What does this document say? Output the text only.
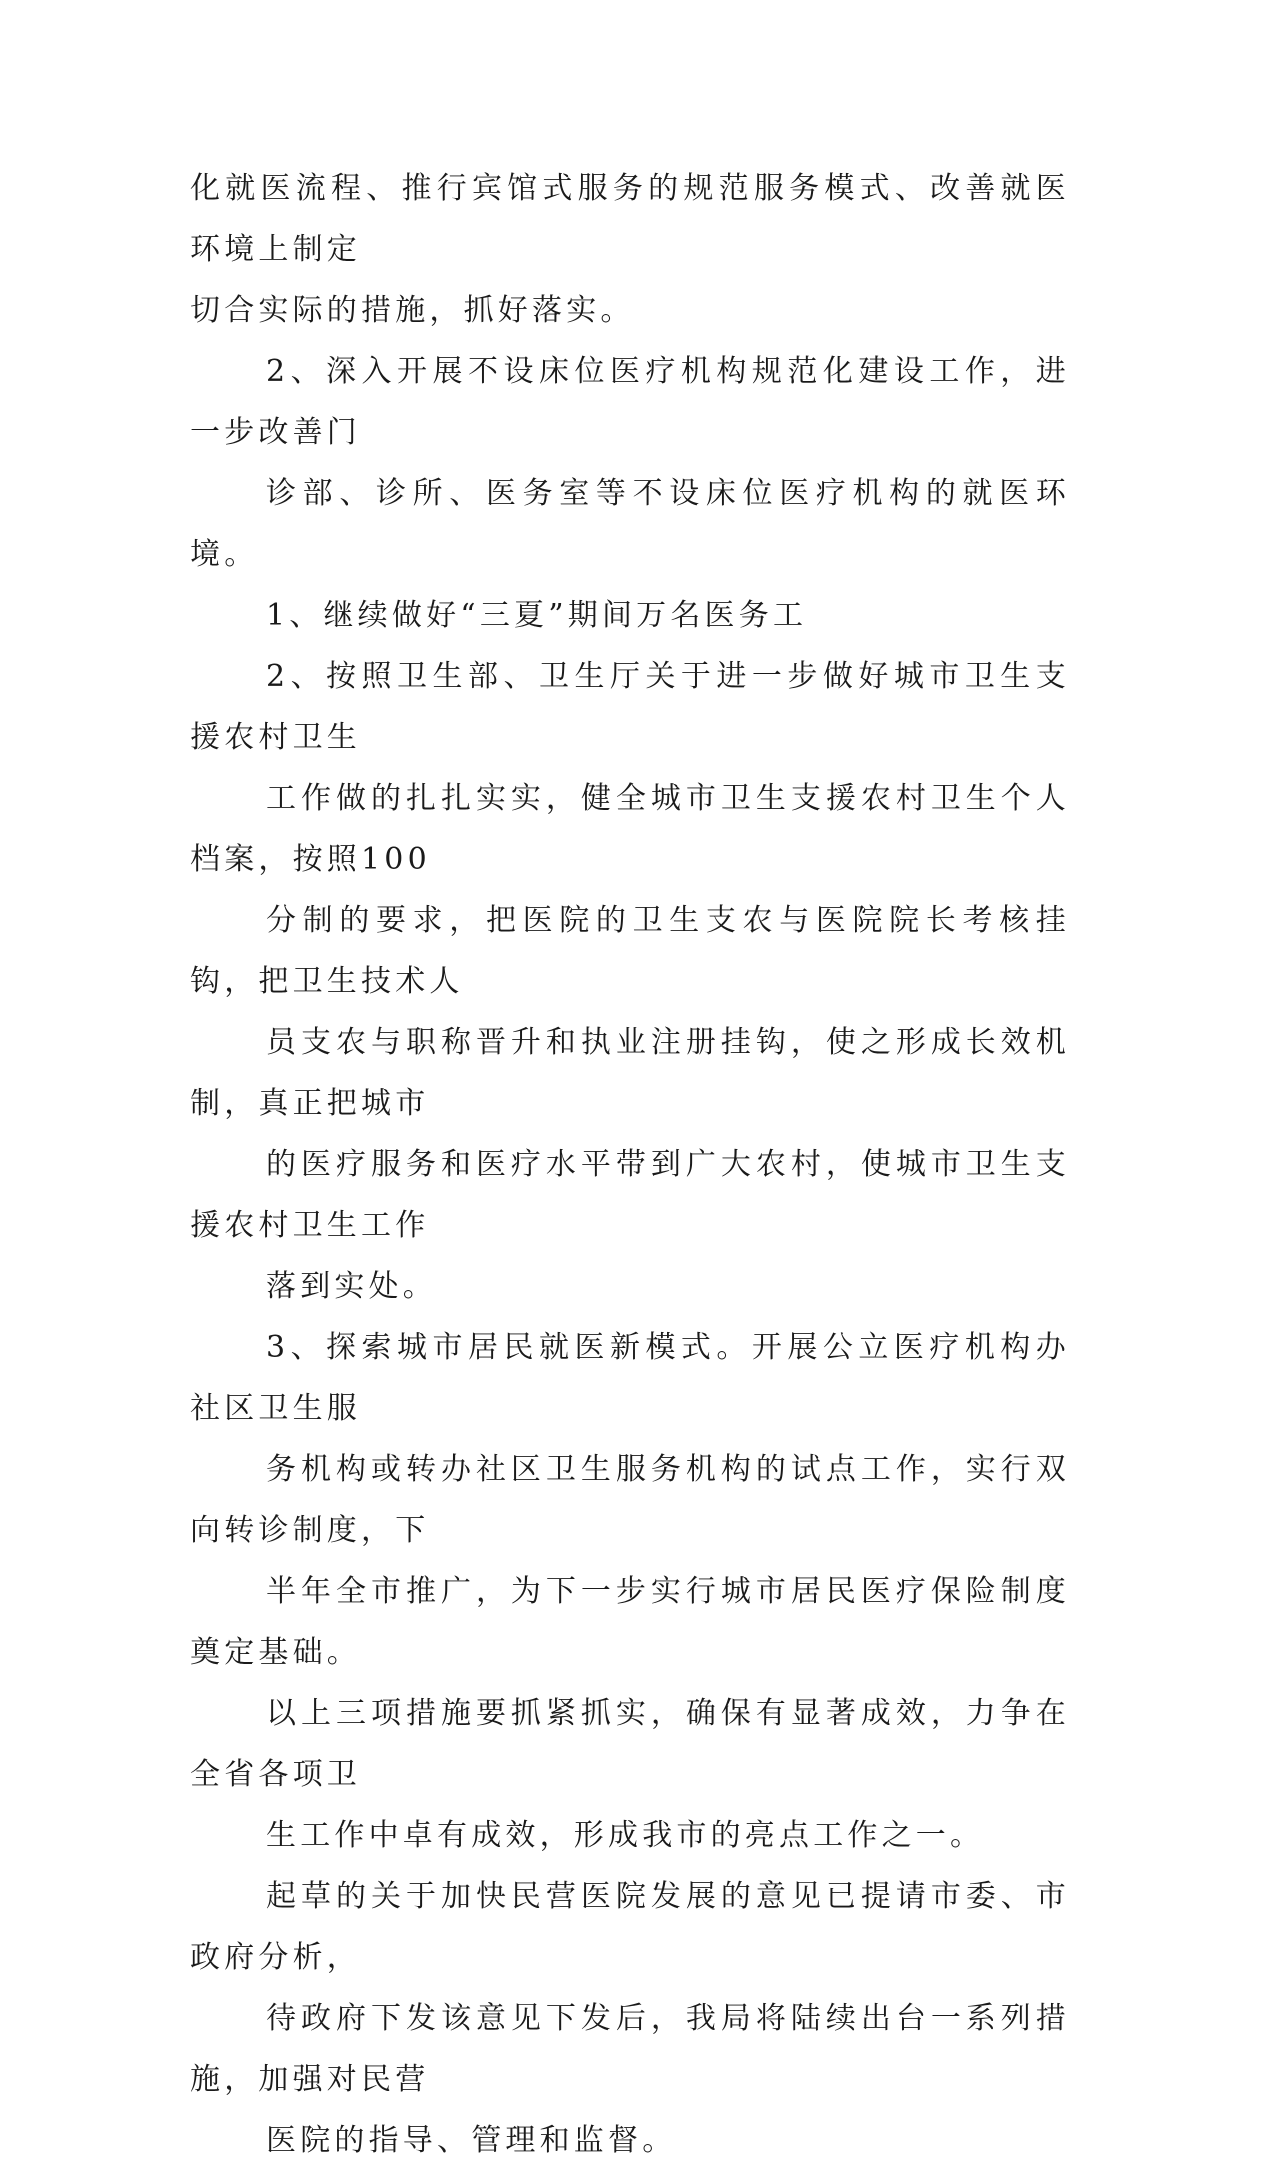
化就医流程、推行宾馆式服务的规范服务模式、改善就医环境上制定
切合实际的措施，抓好落实。

2、深入开展不设床位医疗机构规范化建设工作，进一步改善门
诊部、诊所、医务室等不设床位医疗机构的就医环境。

1、继续做好“三夏”期间万名医务工

2、按照卫生部、卫生厅关于进一步做好城市卫生支援农村卫生
工作做的扎扎实实，健全城市卫生支援农村卫生个人档案，按照100
分制的要求，把医院的卫生支农与医院院长考核挂钩，把卫生技术人
员支农与职称晋升和执业注册挂钩，使之形成长效机制，真正把城市
的医疗服务和医疗水平带到广大农村，使城市卫生支援农村卫生工作
落到实处。

3、探索城市居民就医新模式。开展公立医疗机构办社区卫生服
务机构或转办社区卫生服务机构的试点工作，实行双向转诊制度，下
半年全市推广，为下一步实行城市居民医疗保险制度奠定基础。

以上三项措施要抓紧抓实，确保有显著成效，力争在全省各项卫
生工作中卓有成效，形成我市的亮点工作之一。

起草的关于加快民营医院发展的意见已提请市委、市政府分析，
待政府下发该意见下发后，我局将陆续出台一系列措施，加强对民营
医院的指导、管理和监督。
